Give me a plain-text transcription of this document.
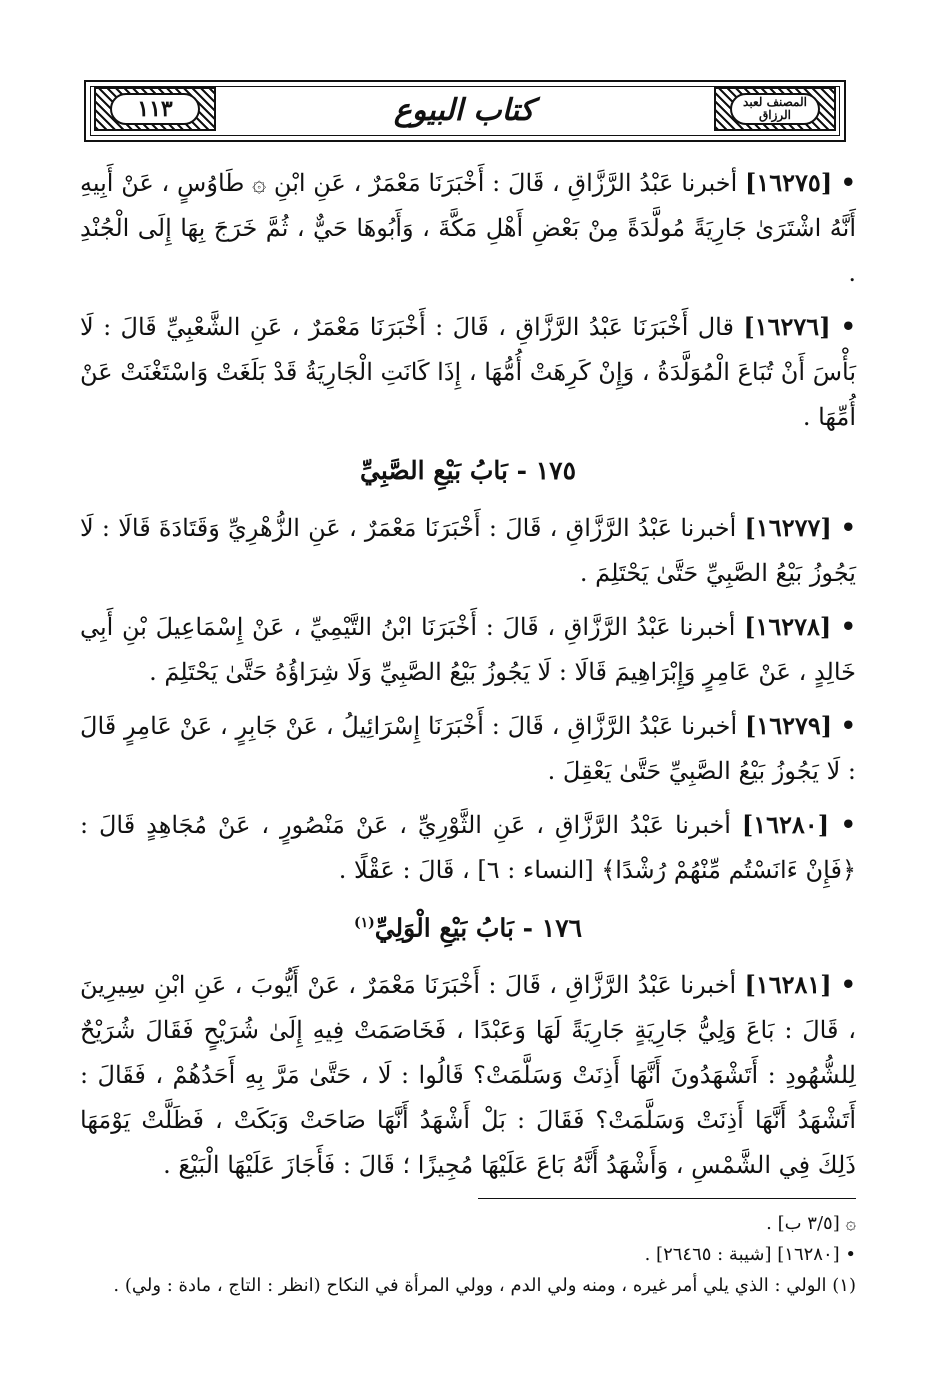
١١٣	كتاب البيوع	المصنف لعبد الرزاق

• [١٦٢٧٥] أخبرنا عَبْدُ الرَّزَّاقِ ، قَالَ : أَخْبَرَنَا مَعْمَرٌ ، عَنِ ابْنِ ۞ طَاوُسٍ ، عَنْ أَبِيهِ أَنَّهُ اشْتَرَىٰ جَارِيَةً مُولَّدَةً مِنْ بَعْضِ أَهْلِ مَكَّةَ ، وَأَبُوهَا حَيٌّ ، ثُمَّ خَرَجَ بِهَا إِلَى الْجُنْدِ .

• [١٦٢٧٦] قال أَخْبَرَنَا عَبْدُ الرَّزَّاقِ ، قَالَ : أَخْبَرَنَا مَعْمَرٌ ، عَنِ الشَّعْبِيِّ قَالَ : لَا بَأْسَ أَنْ تُبَاعَ الْمُوَلَّدَةُ ، وَإِنْ كَرِهَتْ أُمُّهَا ، إِذَا كَانَتِ الْجَارِيَةُ قَدْ بَلَغَتْ وَاسْتَغْنَتْ عَنْ أُمِّهَا .

١٧٥ - بَابُ بَيْعِ الصَّبِيِّ

• [١٦٢٧٧] أخبرنا عَبْدُ الرَّزَّاقِ ، قَالَ : أَخْبَرَنَا مَعْمَرٌ ، عَنِ الزُّهْرِيِّ وَقَتَادَةَ قَالَا : لَا يَجُوزُ بَيْعُ الصَّبِيِّ حَتَّىٰ يَحْتَلِمَ .

• [١٦٢٧٨] أخبرنا عَبْدُ الرَّزَّاقِ ، قَالَ : أَخْبَرَنَا ابْنُ التَّيْمِيِّ ، عَنْ إِسْمَاعِيلَ بْنِ أَبِي خَالِدٍ ، عَنْ عَامِرٍ وَإِبْرَاهِيمَ قَالَا : لَا يَجُوزُ بَيْعُ الصَّبِيِّ وَلَا شِرَاؤُهُ حَتَّىٰ يَحْتَلِمَ .

• [١٦٢٧٩] أخبرنا عَبْدُ الرَّزَّاقِ ، قَالَ : أَخْبَرَنَا إِسْرَائِيلُ ، عَنْ جَابِرٍ ، عَنْ عَامِرٍ قَالَ : لَا يَجُوزُ بَيْعُ الصَّبِيِّ حَتَّىٰ يَعْقِلَ .

• [١٦٢٨٠] أخبرنا عَبْدُ الرَّزَّاقِ ، عَنِ الثَّوْرِيِّ ، عَنْ مَنْصُورٍ ، عَنْ مُجَاهِدٍ قَالَ : ﴿فَإِنْ ءَانَسْتُم مِّنْهُمْ رُشْدًا﴾ [النساء : ٦] ، قَالَ : عَقْلًا .

١٧٦ - بَابُ بَيْعِ الْوَلِيِّ$^{(١)}$

• [١٦٢٨١] أخبرنا عَبْدُ الرَّزَّاقِ ، قَالَ : أَخْبَرَنَا مَعْمَرٌ ، عَنْ أَيُّوبَ ، عَنِ ابْنِ سِيرِينَ ، قَالَ : بَاعَ وَلِيُّ جَارِيَةٍ جَارِيَةً لَهَا وَعَبْدًا ، فَخَاصَمَتْ فِيهِ إِلَىٰ شُرَيْحٍ فَقَالَ شُرَيْحٌ لِلشُّهُودِ : أَتَشْهَدُونَ أَنَّهَا أَذِنَتْ وَسَلَّمَتْ؟ قَالُوا : لَا ، حَتَّىٰ مَرَّ بِهِ أَحَدُهُمْ ، فَقَالَ : أَتَشْهَدُ أَنَّهَا أَذِنَتْ وَسَلَّمَتْ؟ فَقَالَ : بَلْ أَشْهَدُ أَنَّهَا صَاحَتْ وَبَكَتْ ، فَظَلَّتْ يَوْمَهَا ذَلِكَ فِي الشَّمْسِ ، وَأَشْهَدُ أَنَّهُ بَاعَ عَلَيْهَا مُجِيزًا ؛ قَالَ : فَأَجَازَ عَلَيْهَا الْبَيْعَ .

۞ [٣/٥ ب] .

• [١٦٢٨٠] [شيبة : ٢٦٤٦٥] .

(١) الولي : الذي يلي أمر غيره ، ومنه ولي الدم ، وولي المرأة في النكاح (انظر : التاج ، مادة : ولي) .
